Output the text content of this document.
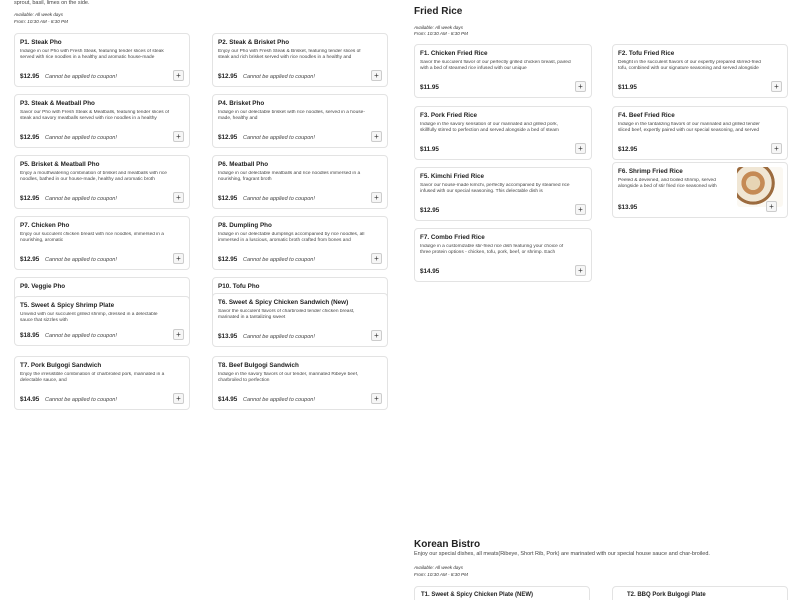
sprout, basil, limes on the side.
Available: All week days
From: 10:30 AM - 8:30 PM
P1. Steak Pho
Indulge in our Pho with Fresh Steak, featuring tender slices of steak served with rice noodles in a healthy and aromatic house-made
$12.95 Cannot be applied to coupon!	+
P2. Steak & Brisket Pho
Enjoy our Pho with Fresh Steak & Brisket, featuring tender slices of steak and rich brisket served with rice noodles in a healthy and
$12.95 Cannot be applied to coupon!	+
P3. Steak & Meatball Pho
Savor our Pho with Fresh Steak & Meatballs, featuring tender slices of steak and savory meatballs served with rice noodles in a healthy
$12.95 Cannot be applied to coupon!	+
P4. Brisket Pho
Indulge in our delectable brisket with rice noodles, served in a house-made, healthy and
$12.95 Cannot be applied to coupon!	+
P5. Brisket & Meatball Pho
Enjoy a mouthwatering combination of brisket and meatballs with rice noodles, bathed in our house-made, healthy and aromatic broth
$12.95 Cannot be applied to coupon!	+
P6. Meatball Pho
Indulge in our delectable meatballs and rice noodles immersed in a nourishing, fragrant broth
$12.95 Cannot be applied to coupon!	+
P7. Chicken Pho
Enjoy our succulent chicken breast with rice noodles, immersed in a nourishing, aromatic
$12.95 Cannot be applied to coupon!	+
P8. Dumpling Pho
Indulge in our delectable dumplings accompanied by rice noodles, all immersed in a luscious, aromatic broth crafted from bones and
$12.95 Cannot be applied to coupon!	+
P9. Veggie Pho	P10. Tofu Pho
T5. Sweet & Spicy Shrimp Plate
Unwind with our succulent grilled shrimp, dressed in a delectable sauce that sizzles with
$18.95 Cannot be applied to coupon!	+
T6. Sweet & Spicy Chicken Sandwich (New)
Savor the succulent flavors of charbroiled tender chicken breast, marinated in a tantalizing sweet
$13.95 Cannot be applied to coupon!	+
T7. Pork Bulgogi Sandwich
Enjoy the irresistible combination of charbroiled pork, marinated in a delectable sauce, and
$14.95 Cannot be applied to coupon!	+
T8. Beef Bulgogi Sandwich
Indulge in the savory flavors of our tender, marinated Ribeye beef, charbroiled to perfection
$14.95 Cannot be applied to coupon!	+
F1. Chicken Fried Rice
Savor the succulent flavor of our perfectly grilled chicken breast, paired with a bed of steamed rice infused with our unique
$11.95	+
F2. Tofu Fried Rice
Delight in the succulent flavors of our expertly prepared stirred-fried tofu, combined with our signature seasoning and served alongside
$11.95	+
F3. Pork Fried Rice
Indulge in the savory sensation of our marinated and grilled pork, skillfully stirred to perfection and served alongside a bed of steam
$11.95	+
F4. Beef Fried Rice
Indulge in the tantalizing flavors of our marinated and grilled tender sliced beef, expertly paired with our special seasoning, and served
$12.95	+
F5. Kimchi Fried Rice
Savor our house-made kimchi, perfectly accompanied by steamed rice infused with our special seasoning. This delectable dish is
$12.95	+
F6. Shrimp Fried Rice
Peeled & deveined, and boiled shrimp, served alongside a bed of stir fried rice seasoned with
$13.95	+
F7. Combo Fried Rice
Indulge in a customizable stir-fried rice dish featuring your choice of three protein options - chicken, tofu, pork, beef, or shrimp. Each
$14.95	+
Fried Rice
Available: All week days
From: 10:30 AM - 8:30 PM
Korean Bistro
Enjoy our special dishes, all meats(Ribeye, Short Rib, Pork) are marinated with our special house sauce and char-broiled.
Available: All week days
From: 10:30 AM - 8:30 PM
T1. Sweet & Spicy Chicken Plate (NEW)	T2. BBQ Pork Bulgogi Plate
